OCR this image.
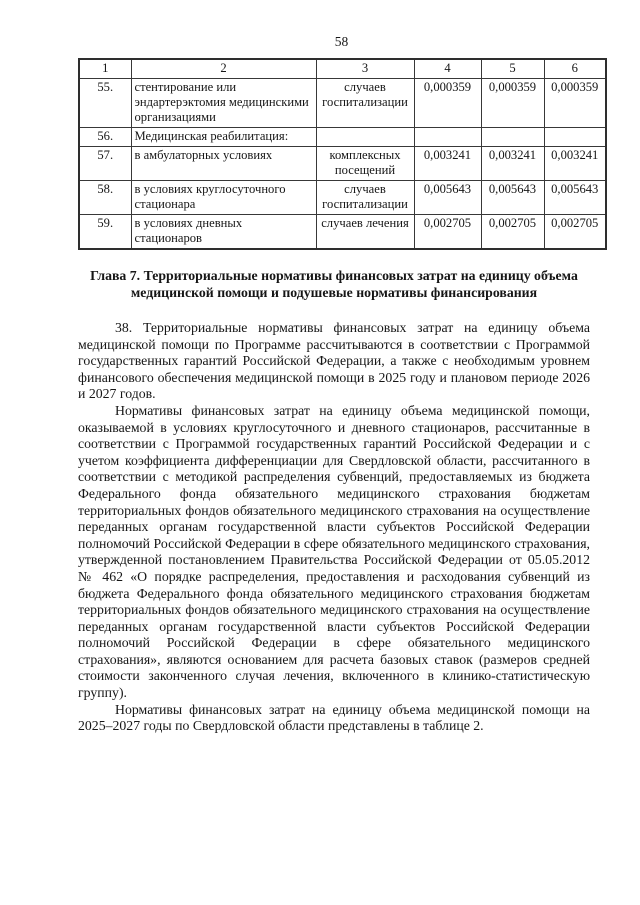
58
1	2	3	4	5	6
55.	стентирование или эндартерэктомия медицинскими организациями	случаев госпитализации	0,000359	0,000359	0,000359
56.	Медицинская реабилитация:				
57.	в амбулаторных условиях	комплексных посещений	0,003241	0,003241	0,003241
58.	в условиях круглосуточного стационара	случаев госпитализации	0,005643	0,005643	0,005643
59.	в условиях дневных стационаров	случаев лечения	0,002705	0,002705	0,002705
Глава 7. Территориальные нормативы финансовых затрат на единицу объема медицинской помощи и подушевые нормативы финансирования

38. Территориальные нормативы финансовых затрат на единицу объема медицинской помощи по Программе рассчитываются в соответствии с Программой государственных гарантий Российской Федерации, а также с необходимым уровнем финансового обеспечения медицинской помощи в 2025 году и плановом периоде 2026 и 2027 годов.

Нормативы финансовых затрат на единицу объема медицинской помощи, оказываемой в условиях круглосуточного и дневного стационаров, рассчитанные в соответствии с Программой государственных гарантий Российской Федерации и с учетом коэффициента дифференциации для Свердловской области, рассчитанного в соответствии с методикой распределения субвенций, предоставляемых из бюджета Федерального фонда обязательного медицинского страхования бюджетам территориальных фондов обязательного медицинского страхования на осуществление переданных органам государственной власти субъектов Российской Федерации полномочий Российской Федерации в сфере обязательного медицинского страхования, утвержденной постановлением Правительства Российской Федерации от 05.05.2012 № 462 «О порядке распределения, предоставления и расходования субвенций из бюджета Федерального фонда обязательного медицинского страхования бюджетам территориальных фондов обязательного медицинского страхования на осуществление переданных органам государственной власти субъектов Российской Федерации полномочий Российской Федерации в сфере обязательного медицинского страхования», являются основанием для расчета базовых ставок (размеров средней стоимости законченного случая лечения, включенного в клинико-статистическую группу).

Нормативы финансовых затрат на единицу объема медицинской помощи на 2025–2027 годы по Свердловской области представлены в таблице 2.
